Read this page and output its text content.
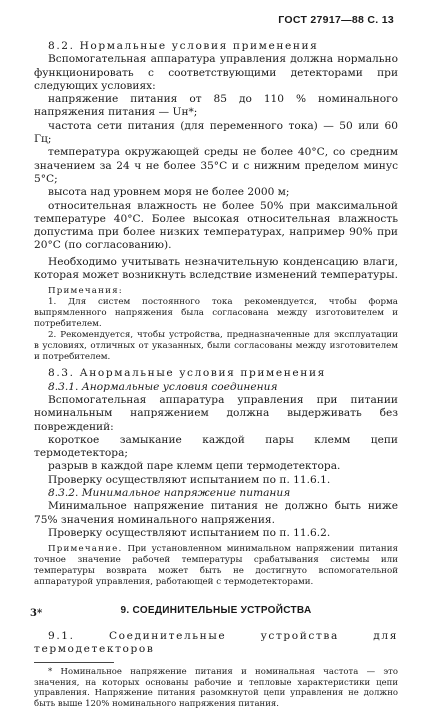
ГОСТ 27917—88 С. 13

8.2. Нормальные условия применения

Вспомогательная аппаратура управления должна нормально функционировать с соответствующими детекторами при следующих условиях:

напряжение питания от 85 до 110 % номинального напряжения питания — Uн*;

частота сети питания (для переменного тока) — 50 или 60 Гц;

температура окружающей среды не более 40°С, со средним значением за 24 ч не более 35°С и с нижним пределом минус 5°С;

высота над уровнем моря не более 2000 м;

относительная влажность не более 50% при максимальной температуре 40°С. Более высокая относительная влажность допустима при более низких температурах, например 90% при 20°С (по согласованию).

Необходимо учитывать незначительную конденсацию влаги, которая может возникнуть вследствие изменений температуры.

Примечания:

1. Для систем постоянного тока рекомендуется, чтобы форма выпрямленного напряжения была согласована между изготовителем и потребителем.

2. Рекомендуется, чтобы устройства, предназначенные для эксплуатации в условиях, отличных от указанных, были согласованы между изготовителем и потребителем.

8.3. Анормальные условия применения

8.3.1. Анормальные условия соединения

Вспомогательная аппаратура управления при питании номинальным напряжением должна выдерживать без повреждений:

короткое замыкание каждой пары клемм цепи термодетектора;

разрыв в каждой паре клемм цепи термодетектора.

Проверку осуществляют испытанием по п. 11.6.1.

8.3.2. Минимальное напряжение питания

Минимальное напряжение питания не должно быть ниже 75% значения номинального напряжения.

Проверку осуществляют испытанием по п. 11.6.2.

Примечание. При установленном минимальном напряжении питания точное значение рабочей температуры срабатывания системы или температуры возврата может быть не достигнуто вспомогательной аппаратурой управления, работающей с термодетекторами.

9. СОЕДИНИТЕЛЬНЫЕ УСТРОЙСТВА

9.1. Соединительные устройства для термодетекторов

* Номинальное напряжение питания и номинальная частота — это значения, на которых основаны рабочие и тепловые характеристики цепи управления. Напряжение питания разомкнутой цепи управления не должно быть выше 120% номинального напряжения питания.

3*
